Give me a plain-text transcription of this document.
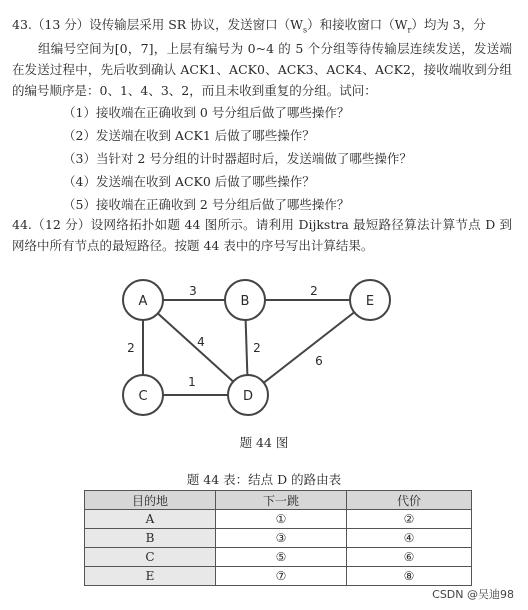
43.（13 分）设传输层采用 SR 协议，发送窗口$(W_s)$和接收窗口$(W_r)$均为 3，分
组编号空间为[0，7]，上层有编号为 0~4 的 5 个分组等待传输层连续发送，发送端在发送过程中，先后收到确认 ACK1、ACK0、ACK3、ACK4、ACK2，接收端收到分组的编号顺序是：0、1、4、3、2，而且未收到重复的分组。试问：
（1）接收端在正确收到 0 号分组后做了哪些操作？
（2）发送端在收到 ACK1 后做了哪些操作？
（3）当针对 2 号分组的计时器超时后，发送端做了哪些操作？
（4）发送端在收到 ACK0 后做了哪些操作？
（5）接收端在正确收到 2 号分组后做了哪些操作？
44.（12 分）设网络拓扑如题 44 图所示。请利用 Dijkstra 最短路径算法计算节点 D 到网络中所有节点的最短路径。按题 44 表中的序号写出计算结果。
A	B	E
C	D
3	2
2	4	2
1
6
题 44 图
题 44 表：结点 D 的路由表
目的地	下一跳	代价
A	①	②
B	③	④
C	⑤	⑥
E	⑦	⑧
CSDN @吴迪98
